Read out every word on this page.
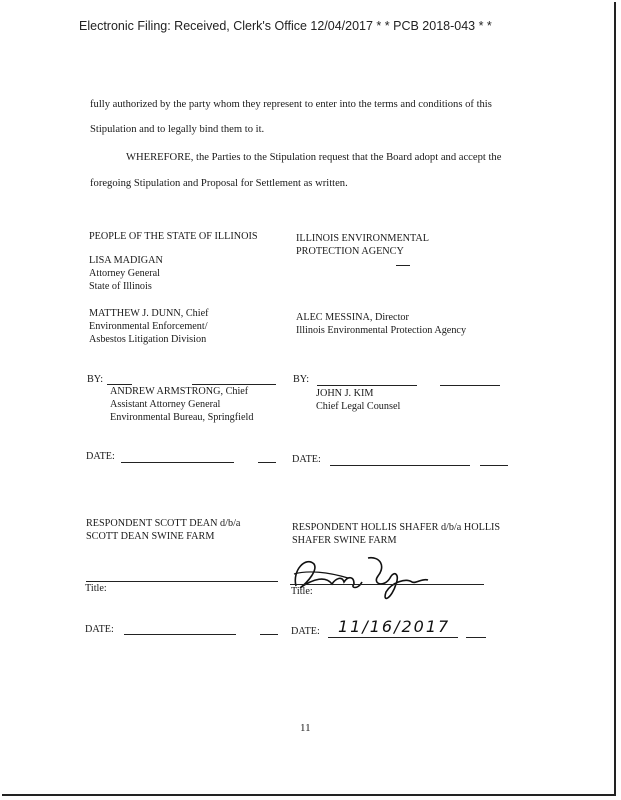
Electronic Filing: Received, Clerk's Office 12/04/2017 * * PCB 2018-043 * *
fully authorized by the party whom they represent to enter into the terms and conditions of this
Stipulation and to legally bind them to it.
WHEREFORE, the Parties to the Stipulation request that the Board adopt and accept the
foregoing Stipulation and Proposal for Settlement as written.
PEOPLE OF THE STATE OF ILLINOIS
LISA MADIGAN
Attorney General
State of Illinois
MATTHEW J. DUNN, Chief
Environmental Enforcement/
Asbestos Litigation Division
BY:
ANDREW ARMSTRONG, Chief
Assistant Attorney General
Environmental Bureau, Springfield
DATE:
ILLINOIS ENVIRONMENTAL
PROTECTION AGENCY
ALEC MESSINA, Director
Illinois Environmental Protection Agency
BY:
JOHN J. KIM
Chief Legal Counsel
DATE:
RESPONDENT SCOTT DEAN d/b/a
SCOTT DEAN SWINE FARM
Title:
DATE:
RESPONDENT HOLLIS SHAFER d/b/a HOLLIS
SHAFER SWINE FARM
Title:
DATE: 11/16/2017
11
